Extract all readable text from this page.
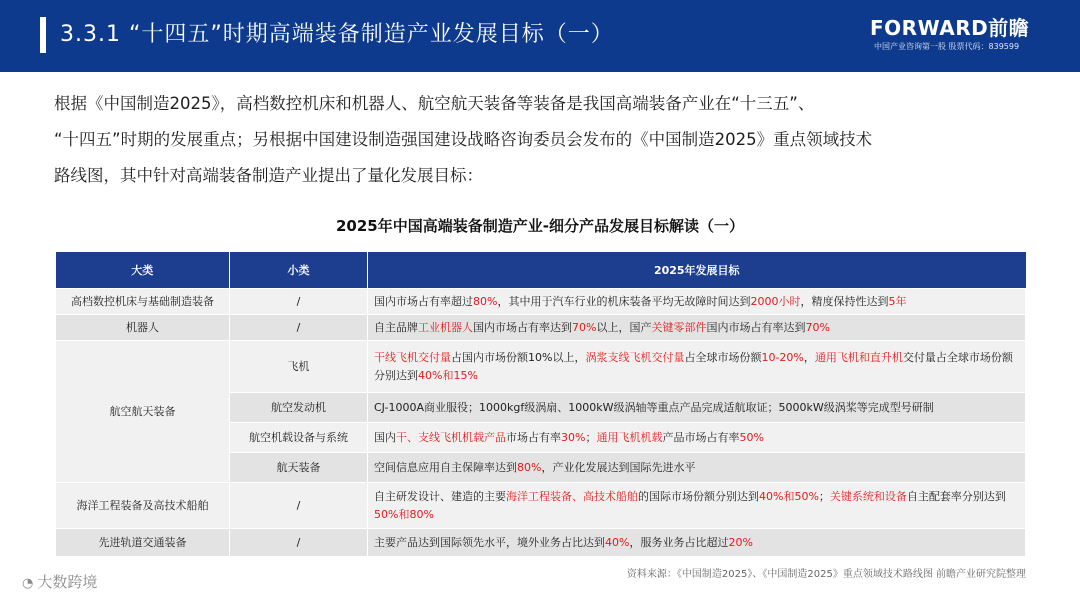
3.3.1 “十四五”时期高端装备制造产业发展目标（一）	FORWARD前瞻
中国产业咨询第一股 股票代码：839599

根据《中国制造2025》，高档数控机床和机器人、航空航天装备等装备是我国高端装备产业在“十三五”、

“十四五”时期的发展重点；另根据中国建设制造强国建设战略咨询委员会发布的《中国制造2025》重点领域技术

路线图，其中针对高端装备制造产业提出了量化发展目标：

2025年中国高端装备制造产业-细分产品发展目标解读（一）
大类	小类	2025年发展目标
高档数控机床与基础制造装备	/	国内市场占有率超过80%，其中用于汽车行业的机床装备平均无故障时间达到2000小时，精度保持性达到5年
机器人	/	自主品牌工业机器人国内市场占有率达到70%以上，国产关键零部件国内市场占有率达到70%
航空航天装备	飞机	干线飞机交付量占国内市场份额10%以上，涡浆支线飞机交付量占全球市场份额10-20%，通用飞机和直升机交付量占全球市场份额分别达到40%和15%
	航空发动机	CJ-1000A商业服役；1000kgf级涡扇、1000kW级涡轴等重点产品完成适航取证；5000kW级涡桨等完成型号研制
	航空机载设备与系统	国内干、支线飞机机载产品市场占有率30%；通用飞机机载产品市场占有率50%
	航天装备	空间信息应用自主保障率达到80%，产业化发展达到国际先进水平
海洋工程装备及高技术船舶	/	自主研发设计、建造的主要海洋工程装备、高技术船舶的国际市场份额分别达到40%和50%；关键系统和设备自主配套率分别达到50%和80%
先进轨道交通装备	/	主要产品达到国际领先水平，境外业务占比达到40%，服务业务占比超过20%
资料来源：《中国制造2025》、《中国制造2025》重点领域技术路线图 前瞻产业研究院整理
◔ 大数跨境
